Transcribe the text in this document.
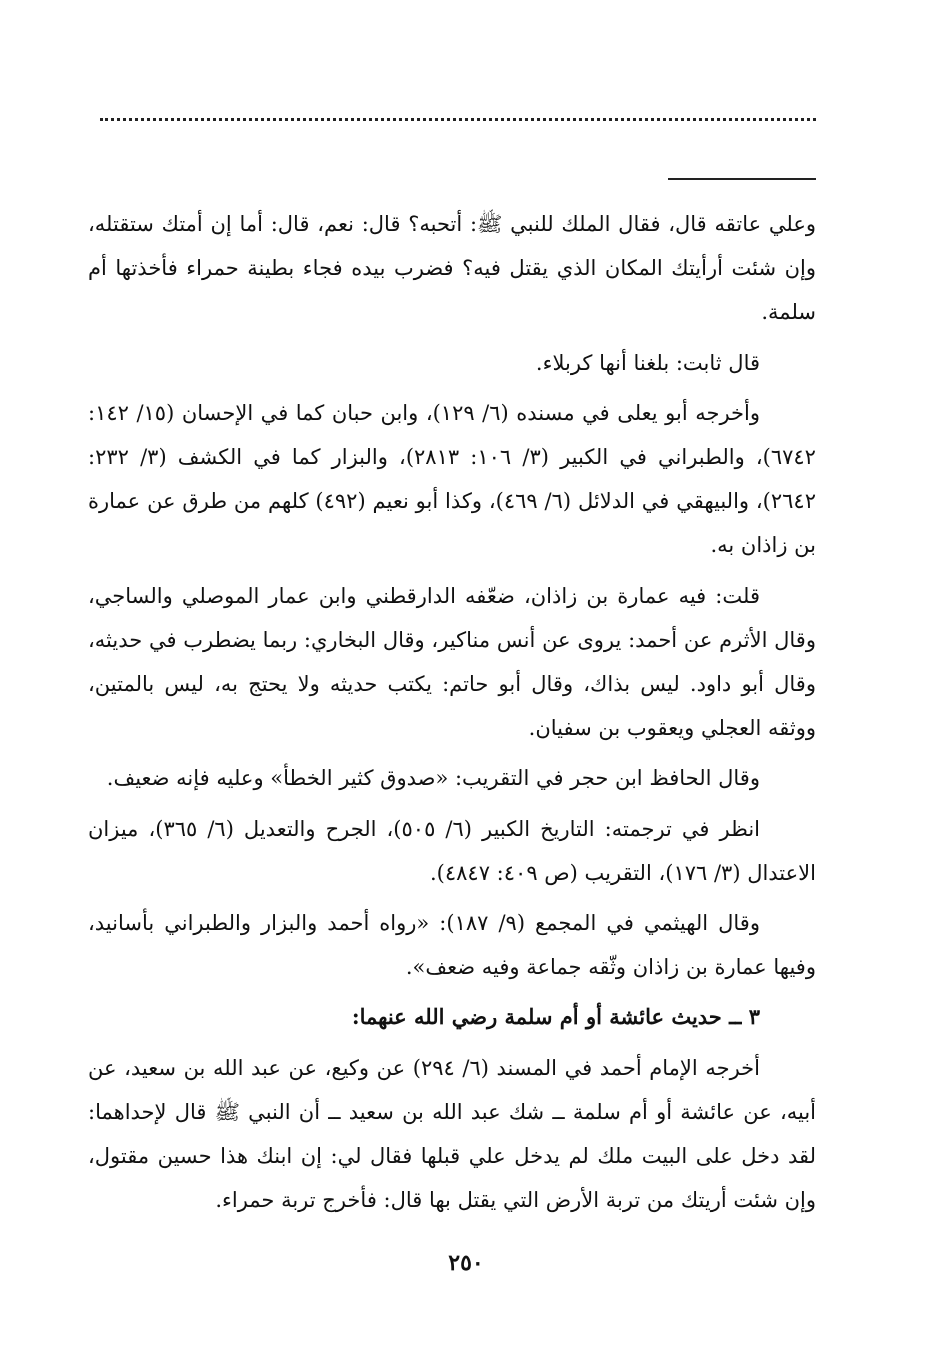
وعلي عاتقه قال، فقال الملك للنبي ﷺ: أتحبه؟ قال: نعم، قال: أما إن أمتك ستقتله، وإن شئت أرأيتك المكان الذي يقتل فيه؟ فضرب بيده فجاء بطينة حمراء فأخذتها أم سلمة.

قال ثابت: بلغنا أنها كربلاء.

وأخرجه أبو يعلى في مسنده (٦/ ١٢٩)، وابن حبان كما في الإحسان (١٥/ ١٤٢: ٦٧٤٢)، والطبراني في الكبير (٣/ ١٠٦: ٢٨١٣)، والبزار كما في الكشف (٣/ ٢٣٢: ٢٦٤٢)، والبيهقي في الدلائل (٦/ ٤٦٩)، وكذا أبو نعيم (٤٩٢) كلهم من طرق عن عمارة بن زاذان به.

قلت: فيه عمارة بن زاذان، ضعّفه الدارقطني وابن عمار الموصلي والساجي، وقال الأثرم عن أحمد: يروى عن أنس مناكير، وقال البخاري: ربما يضطرب في حديثه، وقال أبو داود. ليس بذاك، وقال أبو حاتم: يكتب حديثه ولا يحتج به، ليس بالمتين، ووثقه العجلي ويعقوب بن سفيان.

وقال الحافظ ابن حجر في التقريب: «صدوق كثير الخطأ» وعليه فإنه ضعيف.

انظر في ترجمته: التاريخ الكبير (٦/ ٥٠٥)، الجرح والتعديل (٦/ ٣٦٥)، ميزان الاعتدال (٣/ ١٧٦)، التقريب (ص ٤٠٩: ٤٨٤٧).

وقال الهيثمي في المجمع (٩/ ١٨٧): «رواه أحمد والبزار والطبراني بأسانيد، وفيها عمارة بن زاذان وثّقه جماعة وفيه ضعف».

٣ ــ حديث عائشة أو أم سلمة رضي الله عنهما:

أخرجه الإمام أحمد في المسند (٦/ ٢٩٤) عن وكيع، عن عبد الله بن سعيد، عن أبيه، عن عائشة أو أم سلمة ــ شك عبد الله بن سعيد ــ أن النبي ﷺ قال لإحداهما: لقد دخل على البيت ملك لم يدخل علي قبلها فقال لي: إن ابنك هذا حسين مقتول، وإن شئت أريتك من تربة الأرض التي يقتل بها قال: فأخرج تربة حمراء.

٢٥٠
